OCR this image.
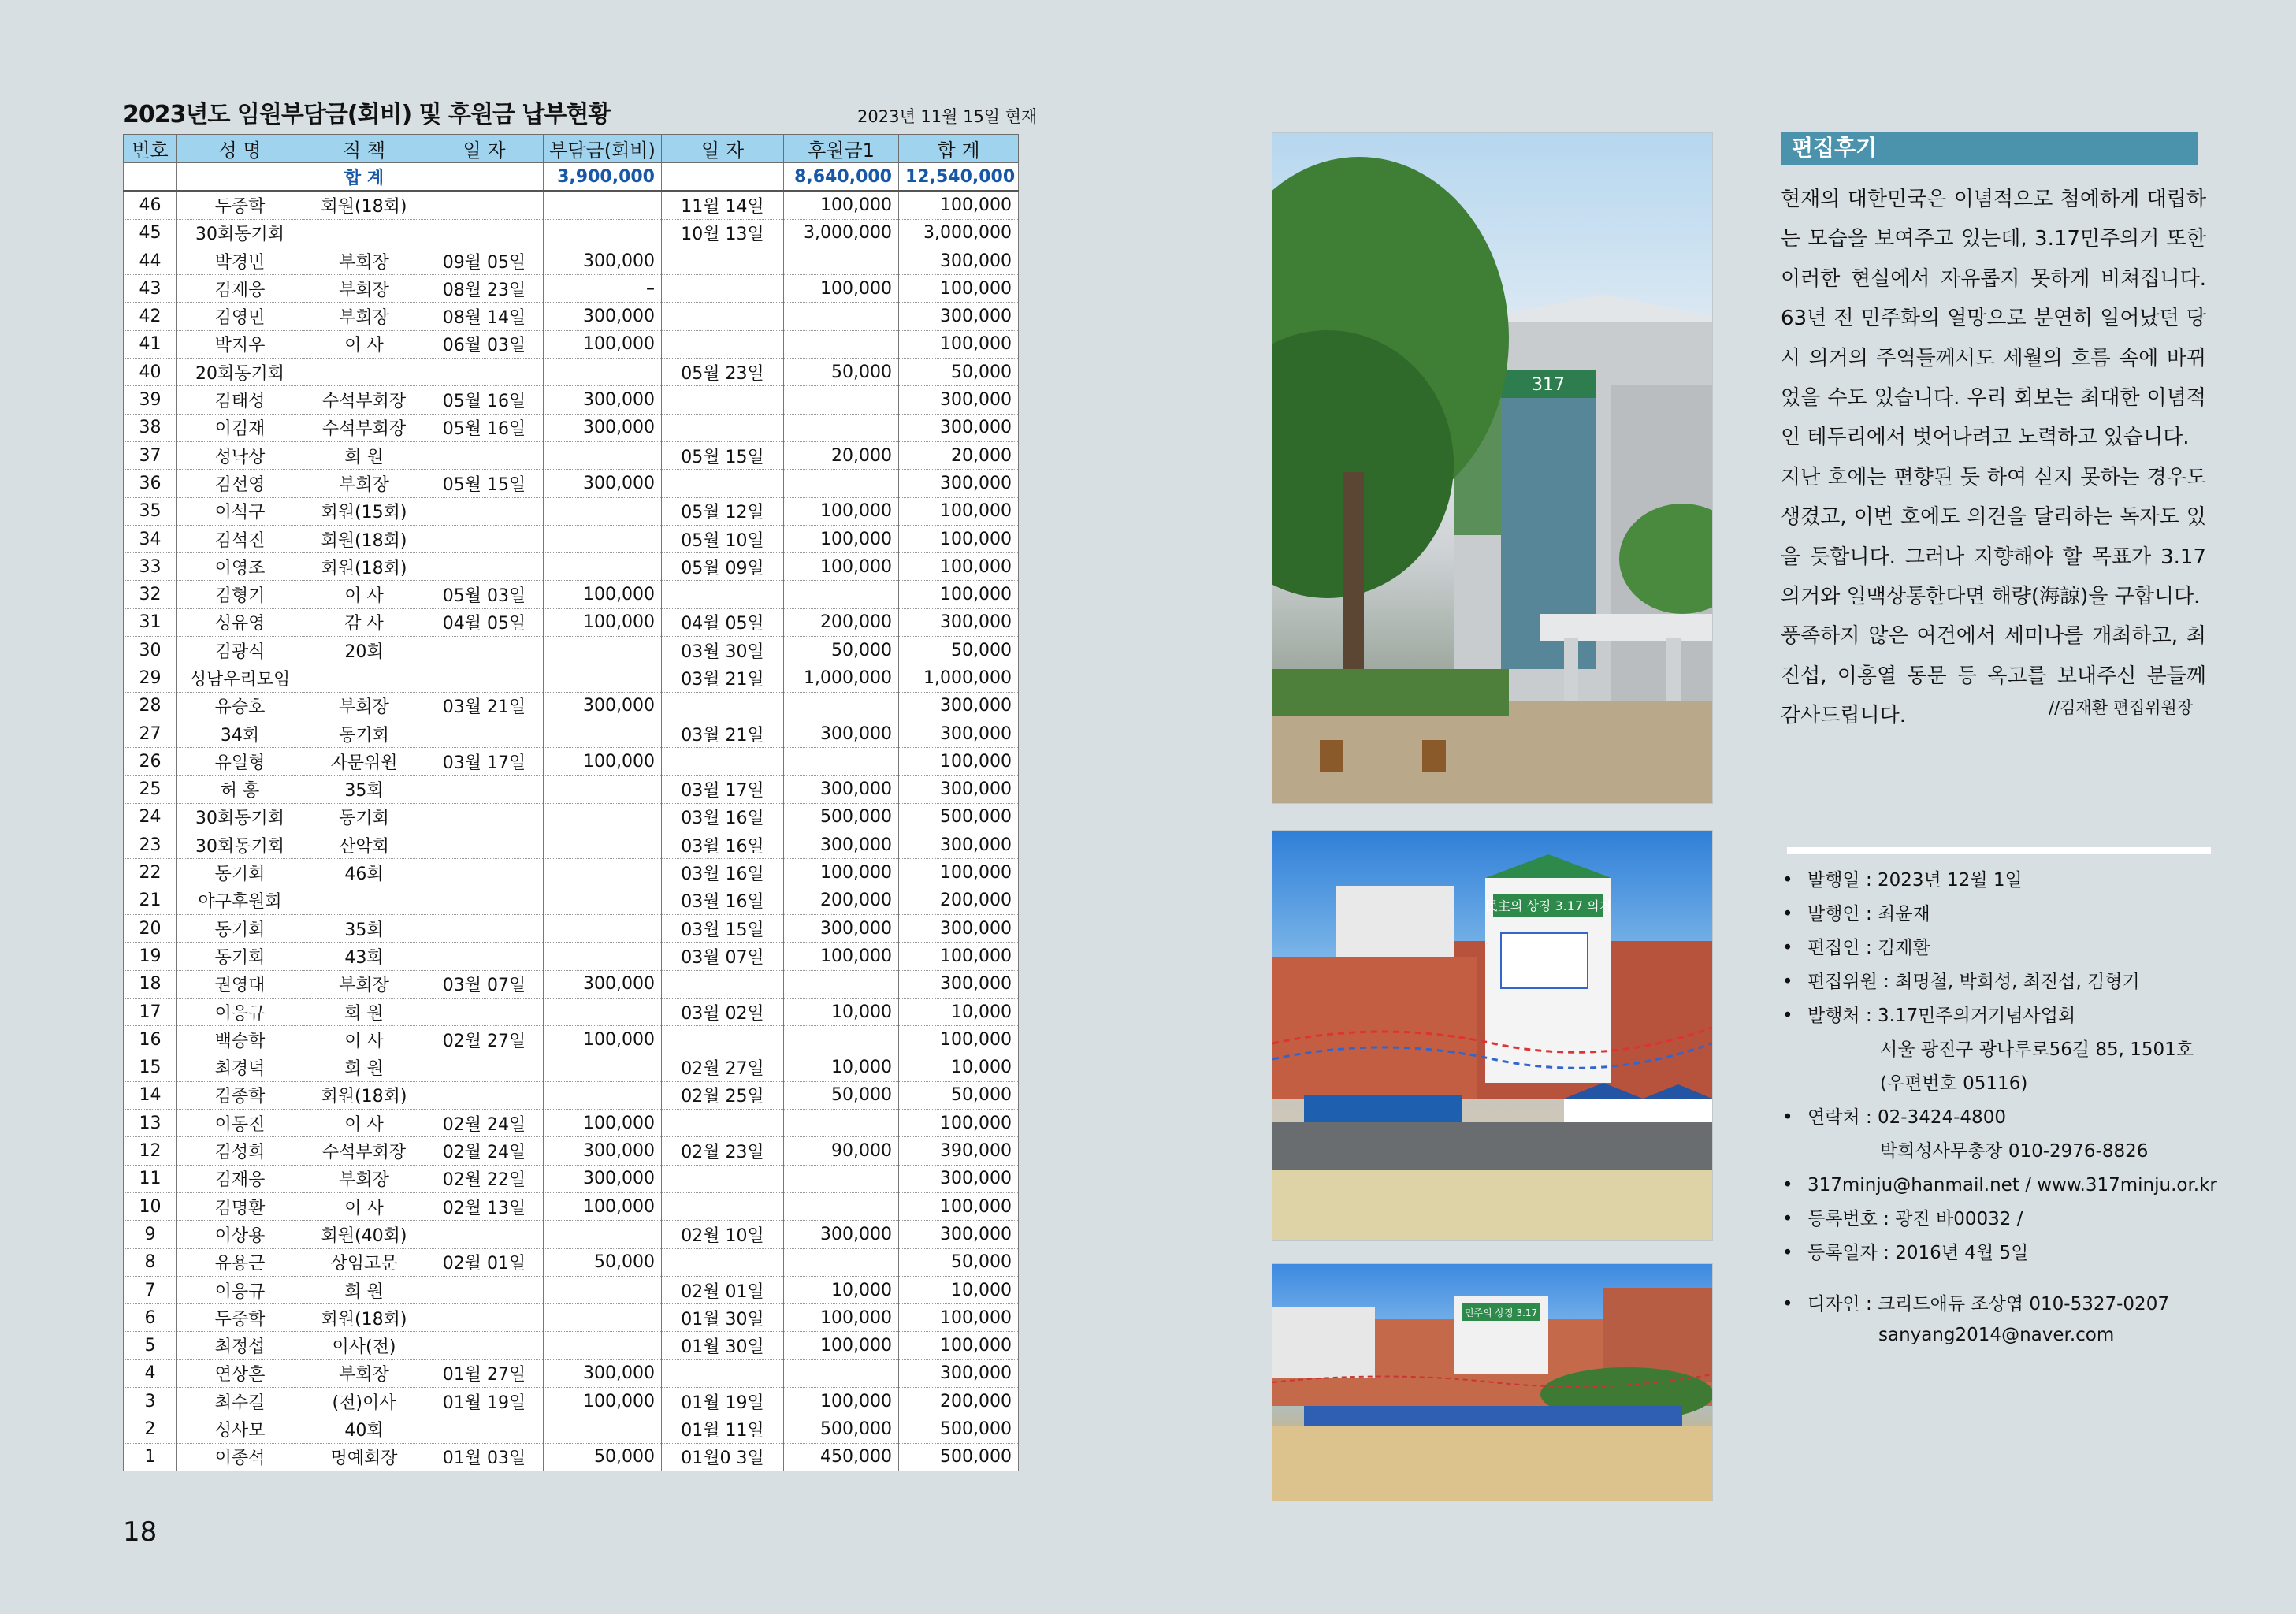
2023년도 임원부담금(회비) 및 후원금 납부현황	2023년 11월 15일 현재
번호	성 명	직 책	일 자	부담금(회비)	일 자	후원금1	합 계
		합 계		3,900,000		8,640,000	12,540,000
46	두중학	회원(18회)			11월 14일	100,000	100,000
45	30회동기회				10월 13일	3,000,000	3,000,000
44	박경빈	부회장	09월 05일	300,000			300,000
43	김재응	부회장	08월 23일	–		100,000	100,000
42	김영민	부회장	08월 14일	300,000			300,000
41	박지우	이 사	06월 03일	100,000			100,000
40	20회동기회				05월 23일	50,000	50,000
39	김태성	수석부회장	05월 16일	300,000			300,000
38	이김재	수석부회장	05월 16일	300,000			300,000
37	성낙상	회 원			05월 15일	20,000	20,000
36	김선영	부회장	05월 15일	300,000			300,000
35	이석구	회원(15회)			05월 12일	100,000	100,000
34	김석진	회원(18회)			05월 10일	100,000	100,000
33	이영조	회원(18회)			05월 09일	100,000	100,000
32	김형기	이 사	05월 03일	100,000			100,000
31	성유영	감 사	04월 05일	100,000	04월 05일	200,000	300,000
30	김광식	20회			03월 30일	50,000	50,000
29	성남우리모임				03월 21일	1,000,000	1,000,000
28	유승호	부회장	03월 21일	300,000			300,000
27	34회	동기회			03월 21일	300,000	300,000
26	유일형	자문위원	03월 17일	100,000			100,000
25	허 홍	35회			03월 17일	300,000	300,000
24	30회동기회	동기회			03월 16일	500,000	500,000
23	30회동기회	산악회			03월 16일	300,000	300,000
22	동기회	46회			03월 16일	100,000	100,000
21	야구후원회				03월 16일	200,000	200,000
20	동기회	35회			03월 15일	300,000	300,000
19	동기회	43회			03월 07일	100,000	100,000
18	권영대	부회장	03월 07일	300,000			300,000
17	이응규	회 원			03월 02일	10,000	10,000
16	백승학	이 사	02월 27일	100,000			100,000
15	최경덕	회 원			02월 27일	10,000	10,000
14	김종학	회원(18회)			02월 25일	50,000	50,000
13	이동진	이 사	02월 24일	100,000			100,000
12	김성희	수석부회장	02월 24일	300,000	02월 23일	90,000	390,000
11	김재응	부회장	02월 22일	300,000			300,000
10	김명환	이 사	02월 13일	100,000			100,000
9	이상용	회원(40회)			02월 10일	300,000	300,000
8	유용근	상임고문	02월 01일	50,000			50,000
7	이응규	회 원			02월 01일	10,000	10,000
6	두중학	회원(18회)			01월 30일	100,000	100,000
5	최정섭	이사(전)			01월 30일	100,000	100,000
4	연상흔	부회장	01월 27일	300,000			300,000
3	최수길	(전)이사	01월 19일	100,000	01월 19일	100,000	200,000
2	성사모	40회			01월 11일	500,000	500,000
1	이종석	명예회장	01월 03일	50,000	01월0 3일	450,000	500,000
18
317
民主의 상징 3.17 의거
민주의 상징 3.17
편집후기

현재의 대한민국은 이념적으로 첨예하게 대립하는 모습을 보여주고 있는데, 3.17민주의거 또한 이러한 현실에서 자유롭지 못하게 비쳐집니다. 63년 전 민주화의 열망으로 분연히 일어났던 당시 의거의 주역들께서도 세월의 흐름 속에 바뀌었을 수도 있습니다. 우리 회보는 최대한 이념적인 테두리에서 벗어나려고 노력하고 있습니다.

지난 호에는 편향된 듯 하여 싣지 못하는 경우도 생겼고, 이번 호에도 의견을 달리하는 독자도 있을 듯합니다. 그러나 지향해야 할 목표가 3.17의거와 일맥상통한다면 해량(海諒)을 구합니다.

풍족하지 않은 여건에서 세미나를 개최하고, 최진섭, 이홍열 동문 등 옥고를 보내주신 분들께 감사드립니다.	//김재환 편집위원장
• 발행일 : 2023년 12월 1일
• 발행인 : 최윤재
• 편집인 : 김재환
• 편집위원 : 최명철, 박희성, 최진섭, 김형기
• 발행처 : 3.17민주의거기념사업회
서울 광진구 광나루로56길 85, 1501호
(우편번호 05116)
• 연락처 : 02-3424-4800
박희성사무총장 010-2976-8826
• 317minju@hanmail.net / www.317minju.or.kr
• 등록번호 : 광진 바00032 /
• 등록일자 : 2016년 4월 5일
• 디자인 : 크리드애듀 조상엽 010-5327-0207
sanyang2014@naver.com
